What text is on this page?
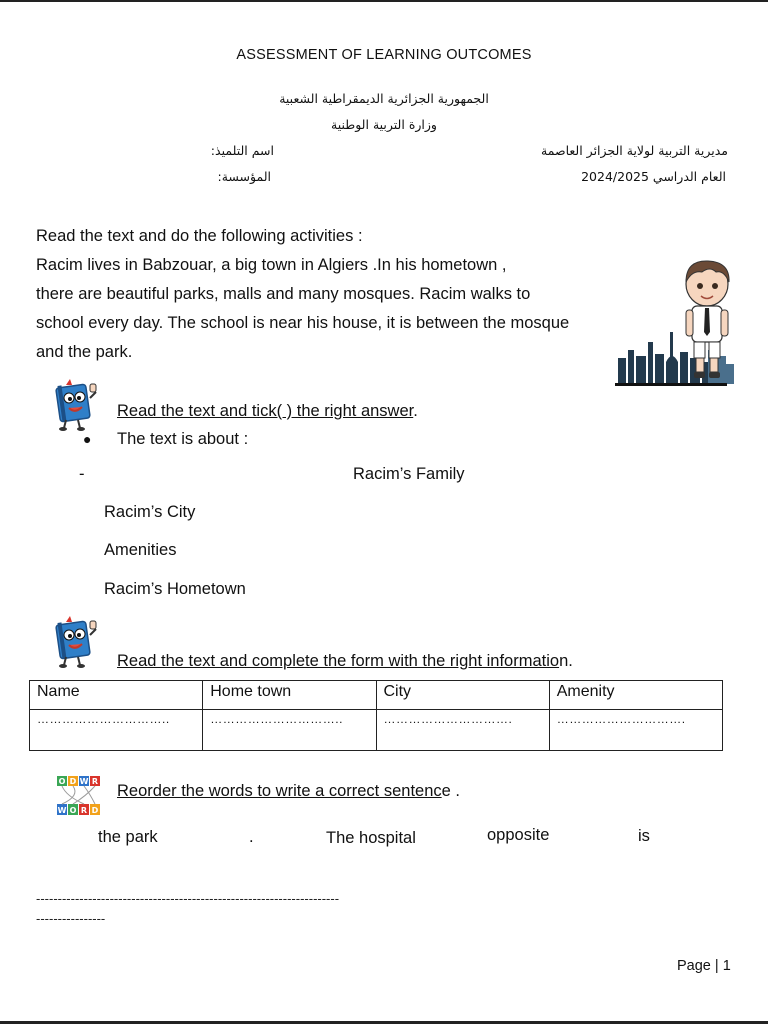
ASSESSMENT OF LEARNING OUTCOMES
الجمهورية الجزائرية الديمقراطية الشعبية
وزارة التربية الوطنية
مديرية التربية لولاية الجزائر العاصمة
اسم التلميذ:
العام الدراسي 2024/2025
المؤسسة:
Read the text and do the following activities :
Racim lives in Babzouar, a big town in Algiers .In his hometown ,
there are beautiful parks, malls and many mosques. Racim walks to
school every day. The school is near his house, it is between the mosque
and the park.
Read the text and tick( ) the right answer.
● The text is about :
-	Racim’s Family
Racim’s City
Amenities
Racim’s Hometown
Read the text and complete the form with the right information.
Name	Home town	City	Amenity
…………………………..	…………………………..	………………………….	………………………….
O D W R
W O R D
Reorder the words to write a correct sentence .
the park	.	The hospital	opposite	is
----------------------------------------------------------------------
----------------
Page | 1
